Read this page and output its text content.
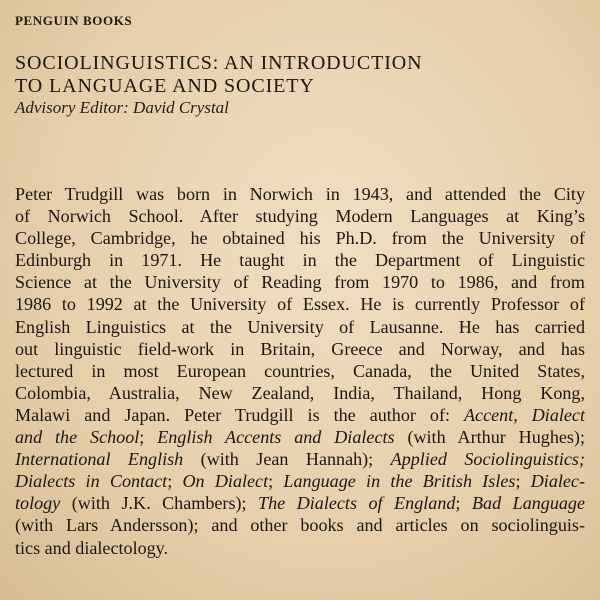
PENGUIN BOOKS
SOCIOLINGUISTICS: AN INTRODUCTION
TO LANGUAGE AND SOCIETY
Advisory Editor: David Crystal
Peter Trudgill was born in Norwich in 1943, and attended the City
of Norwich School. After studying Modern Languages at King’s
College, Cambridge, he obtained his Ph.D. from the University of
Edinburgh in 1971. He taught in the Department of Linguistic
Science at the University of Reading from 1970 to 1986, and from
1986 to 1992 at the University of Essex. He is currently Professor of
English Linguistics at the University of Lausanne. He has carried
out linguistic field-work in Britain, Greece and Norway, and has
lectured in most European countries, Canada, the United States,
Colombia, Australia, New Zealand, India, Thailand, Hong Kong,
Malawi and Japan. Peter Trudgill is the author of: Accent, Dialect
and the School; English Accents and Dialects (with Arthur Hughes);
International English (with Jean Hannah); Applied Sociolinguistics;
Dialects in Contact; On Dialect; Language in the British Isles; Dialec-
tology (with J.K. Chambers); The Dialects of England; Bad Language
(with Lars Andersson); and other books and articles on sociolinguis-
tics and dialectology.
